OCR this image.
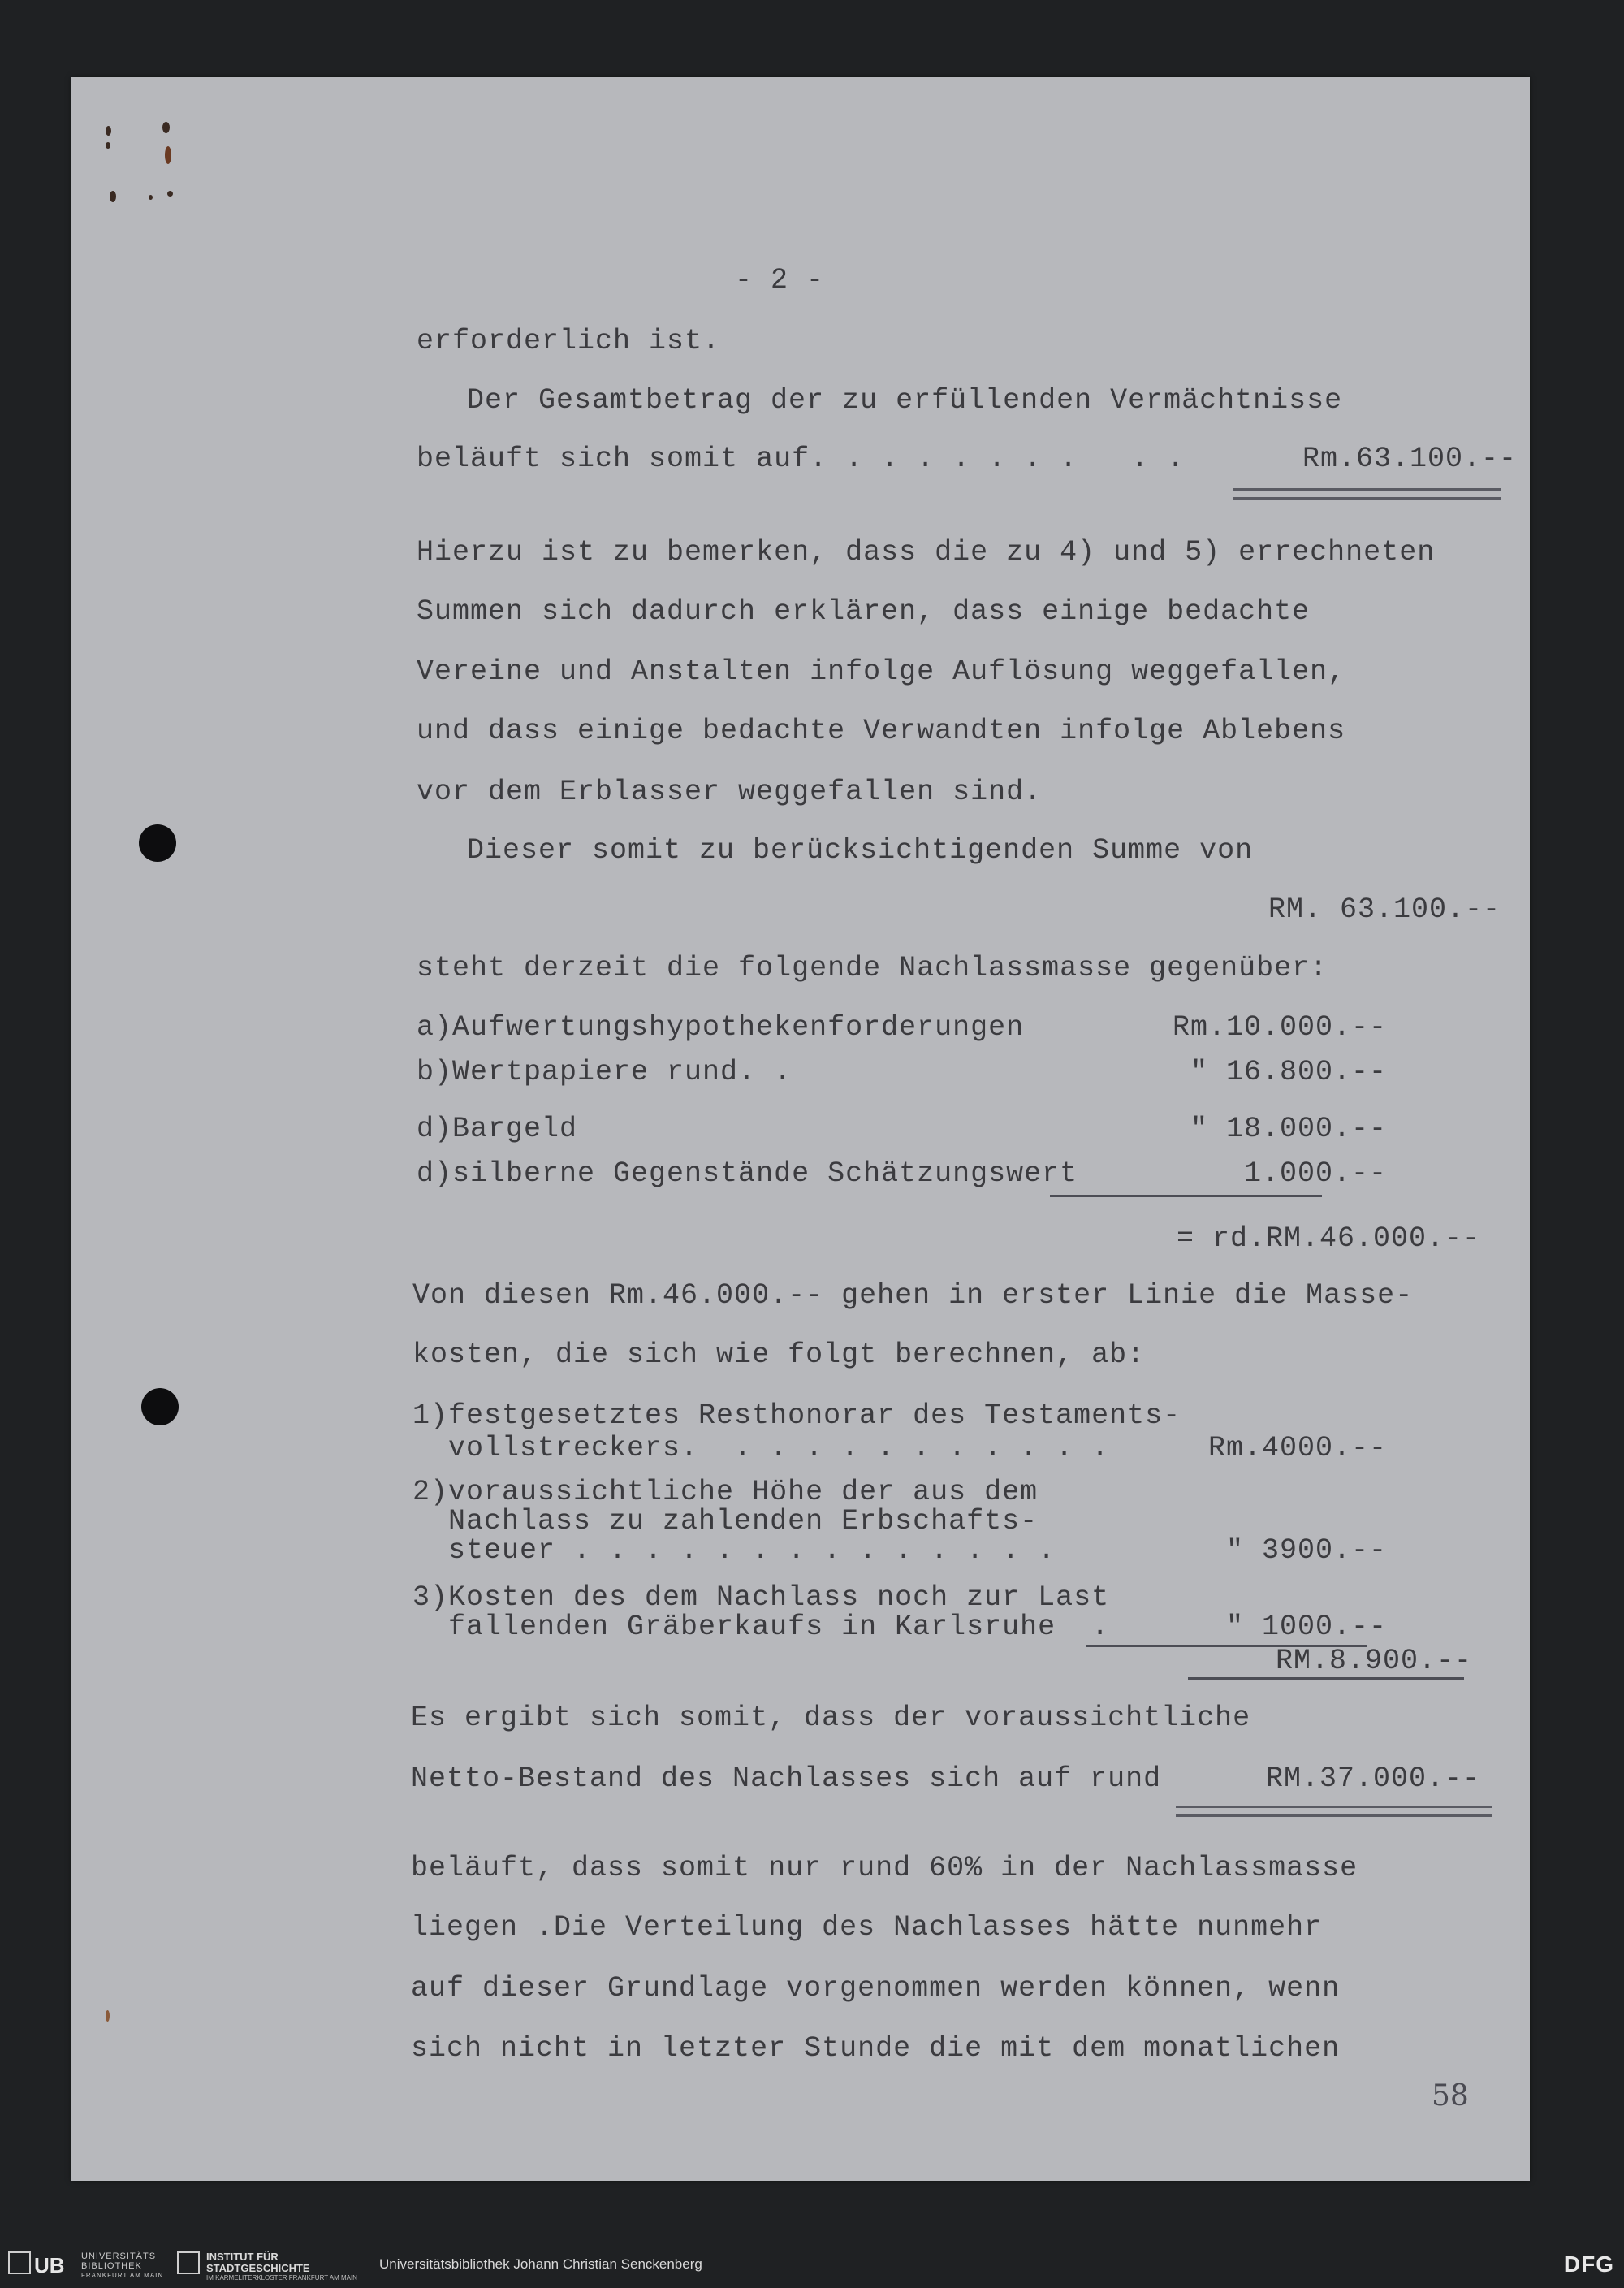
- 2 -
erforderlich ist.
Der Gesamtbetrag der zu erfüllenden Vermächtnisse
beläuft sich somit auf. . . . . . . .   . .	Rm.63.100.--
Hierzu ist zu bemerken, dass die zu 4) und 5) errechneten
Summen sich dadurch erklären, dass einige bedachte
Vereine und Anstalten infolge Auflösung weggefallen,
und dass einige bedachte Verwandten infolge Ablebens
vor dem Erblasser weggefallen sind.
Dieser somit zu berücksichtigenden Summe von
RM. 63.100.--
steht derzeit die folgende Nachlassmasse gegenüber:
a)Aufwertungshypothekenforderungen	Rm.10.000.--
b)Wertpapiere rund. .	" 16.800.--
d)Bargeld	" 18.000.--
d)silberne Gegenstände Schätzungswert	1.000.--
= rd.RM.46.000.--
Von diesen Rm.46.000.-- gehen in erster Linie die Masse-
kosten, die sich wie folgt berechnen, ab:
1)festgesetztes Resthonorar des Testaments-
vollstreckers.  . . . . . . . . . . .	Rm.4000.--
2)voraussichtliche Höhe der aus dem
Nachlass zu zahlenden Erbschafts-
steuer . . . . . . . . . . . . . .	" 3900.--
3)Kosten des dem Nachlass noch zur Last
fallenden Gräberkaufs in Karlsruhe  .	" 1000.--
RM.8.900.--
Es ergibt sich somit, dass der voraussichtliche
Netto-Bestand des Nachlasses sich auf rund	RM.37.000.--
beläuft, dass somit nur rund 60% in der Nachlassmasse
liegen .Die Verteilung des Nachlasses hätte nunmehr
auf dieser Grundlage vorgenommen werden können, wenn
sich nicht in letzter Stunde die mit dem monatlichen
58
UB UNIVERSITÄTS
BIBLIOTHEK
FRANKFURT AM MAIN
INSTITUT FÜR
STADTGESCHICHTE
IM KARMELITERKLOSTER FRANKFURT AM MAIN
Universitätsbibliothek Johann Christian Senckenberg	DFG
